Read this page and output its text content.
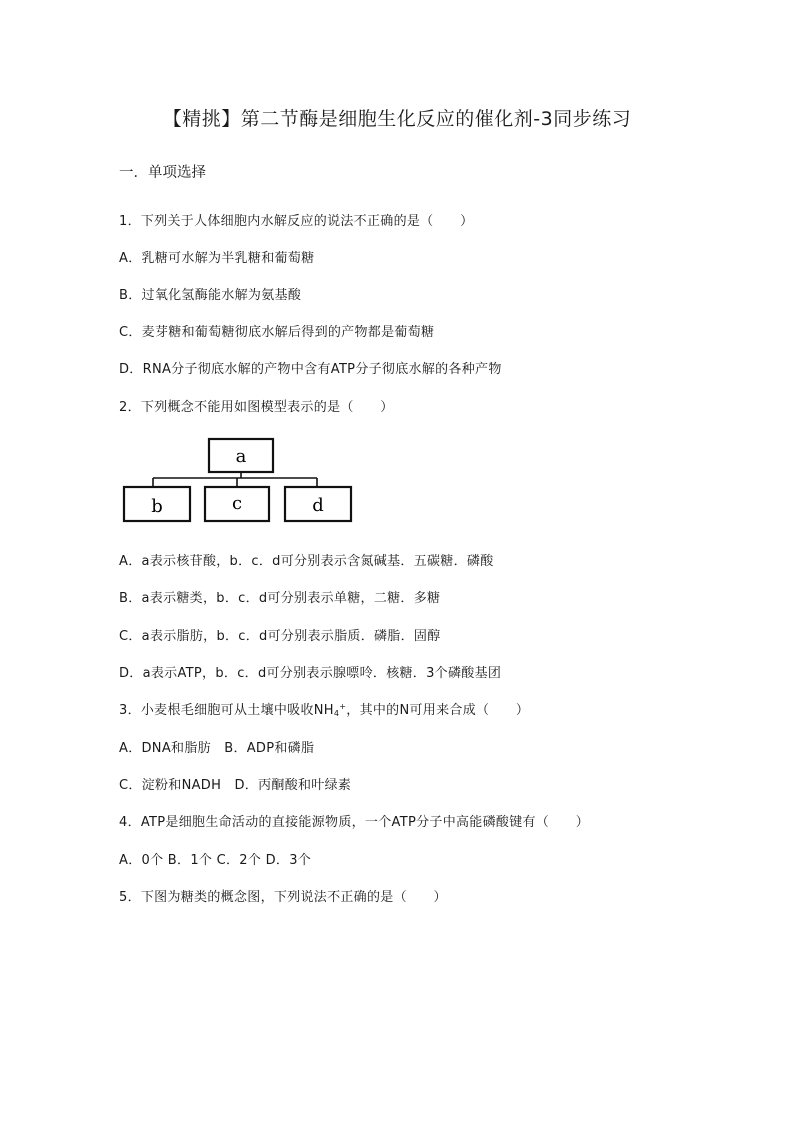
【精挑】第二节酶是细胞生化反应的催化剂-3同步练习
一．单项选择
1．下列关于人体细胞内水解反应的说法不正确的是（　　）
A．乳糖可水解为半乳糖和葡萄糖
B．过氧化氢酶能水解为氨基酸
C．麦芽糖和葡萄糖彻底水解后得到的产物都是葡萄糖
D．RNA分子彻底水解的产物中含有ATP分子彻底水解的各种产物
2．下列概念不能用如图模型表示的是（　　）
a
b	c	d
A．a表示核苷酸，b．c．d可分别表示含氮碱基．五碳糖．磷酸
B．a表示糖类，b．c．d可分别表示单糖，二糖．多糖
C．a表示脂肪，b．c．d可分别表示脂质．磷脂．固醇
D．a表示ATP，b．c．d可分别表示腺嘌呤．核糖．3个磷酸基团
3．小麦根毛细胞可从土壤中吸收$NH_4^+$，其中的N可用来合成（　　）
A．DNA和脂肪　B．ADP和磷脂
C．淀粉和NADH　D．丙酮酸和叶绿素
4．ATP是细胞生命活动的直接能源物质，一个ATP分子中高能磷酸键有（　　）
A．0个 B．1个 C．2个 D．3个
5．下图为糖类的概念图，下列说法不正确的是（　　）
